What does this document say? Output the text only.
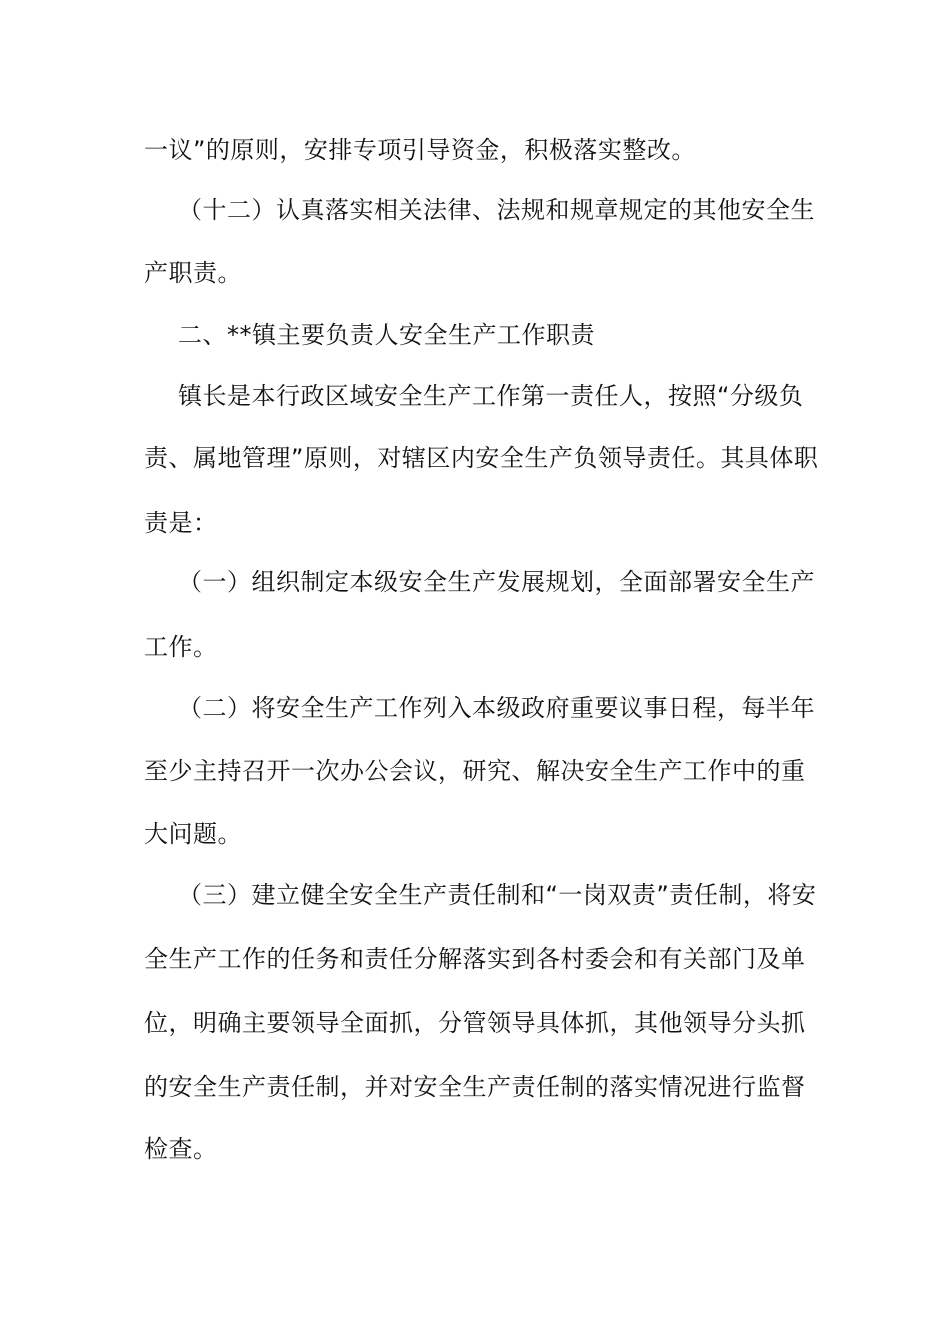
一议”的原则，安排专项引导资金，积极落实整改。
（十二）认真落实相关法律、法规和规章规定的其他安全生
产职责。
二、**镇主要负责人安全生产工作职责
镇长是本行政区域安全生产工作第一责任人，按照“分级负
责、属地管理”原则，对辖区内安全生产负领导责任。其具体职
责是：
（一）组织制定本级安全生产发展规划，全面部署安全生产
工作。
（二）将安全生产工作列入本级政府重要议事日程，每半年
至少主持召开一次办公会议，研究、解决安全生产工作中的重
大问题。
（三）建立健全安全生产责任制和“一岗双责”责任制，将安
全生产工作的任务和责任分解落实到各村委会和有关部门及单
位，明确主要领导全面抓，分管领导具体抓，其他领导分头抓
的安全生产责任制，并对安全生产责任制的落实情况进行监督
检查。
